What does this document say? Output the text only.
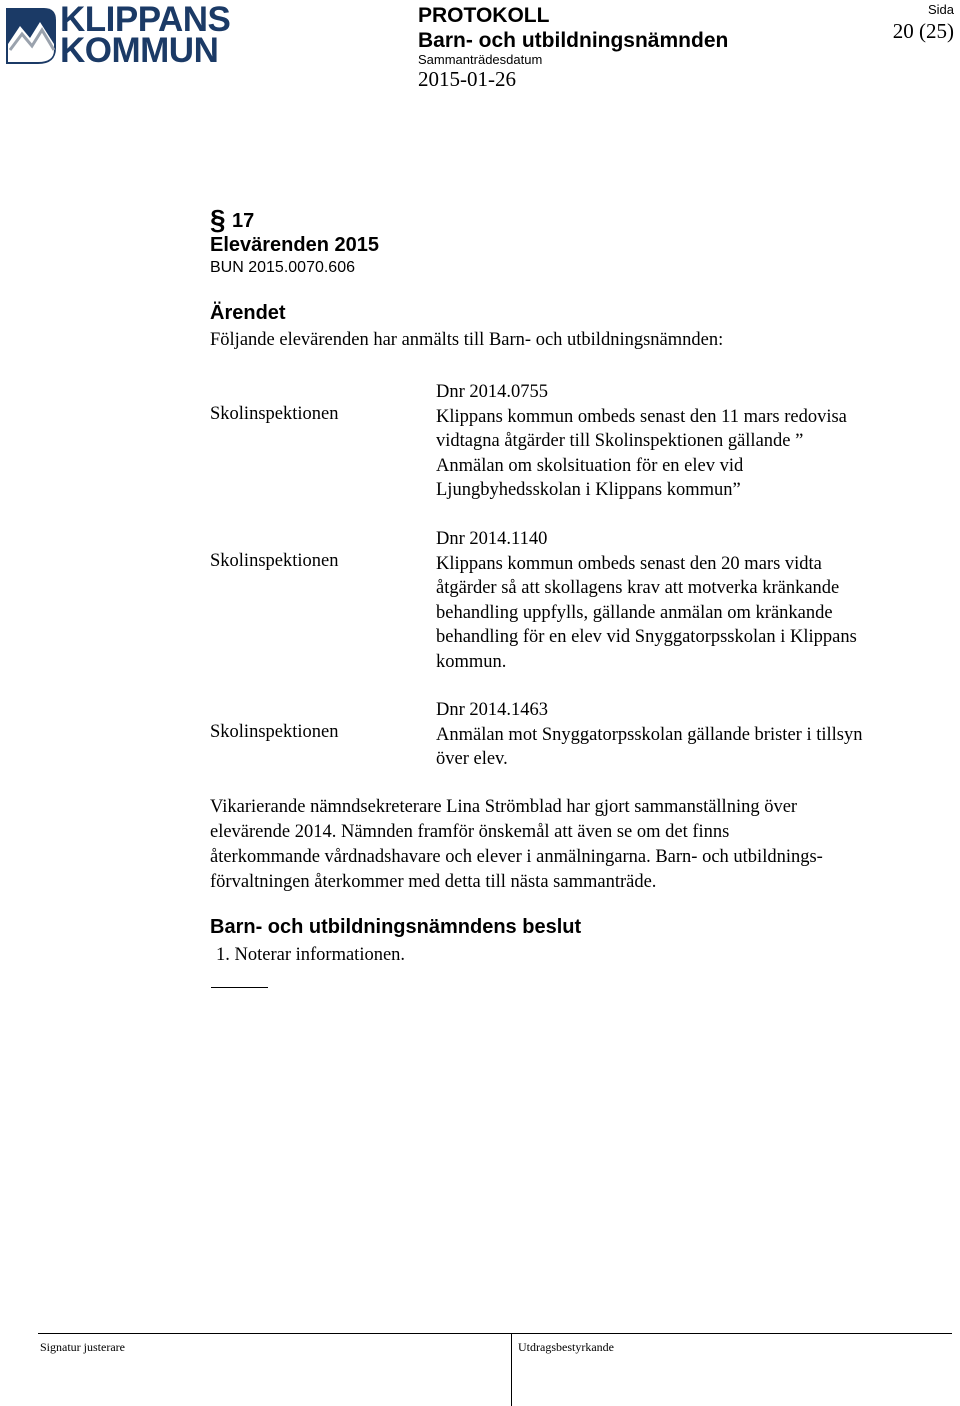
KLIPPANS
KOMMUN
PROTOKOLL
Barn- och utbildningsnämnden
Sammanträdesdatum
2015-01-26
Sida
20 (25)
§ 17
Elevärenden 2015
BUN 2015.0070.606
Ärendet
Följande elevärenden har anmälts till Barn- och utbildningsnämnden:
Skolinspektionen
Dnr 2014.0755
Klippans kommun ombeds senast den 11 mars redovisa
vidtagna åtgärder till Skolinspektionen gällande ”
Anmälan om skolsituation för en elev vid
Ljungbyhedsskolan i Klippans kommun”
Skolinspektionen
Dnr 2014.1140
Klippans kommun ombeds senast den 20 mars vidta
åtgärder så att skollagens krav att motverka kränkande
behandling uppfylls, gällande anmälan om kränkande
behandling för en elev vid Snyggatorpsskolan i Klippans
kommun.
Skolinspektionen
Dnr 2014.1463
Anmälan mot Snyggatorpsskolan gällande brister i tillsyn
över elev.
Vikarierande nämndsekreterare Lina Strömblad har gjort sammanställning över
elevärende 2014. Nämnden framför önskemål att även se om det finns
återkommande vårdnadshavare och elever i anmälningarna. Barn- och utbildnings-
förvaltningen återkommer med detta till nästa sammanträde.
Barn- och utbildningsnämndens beslut
1. Noterar informationen.
Signatur justerare	Utdragsbestyrkande
